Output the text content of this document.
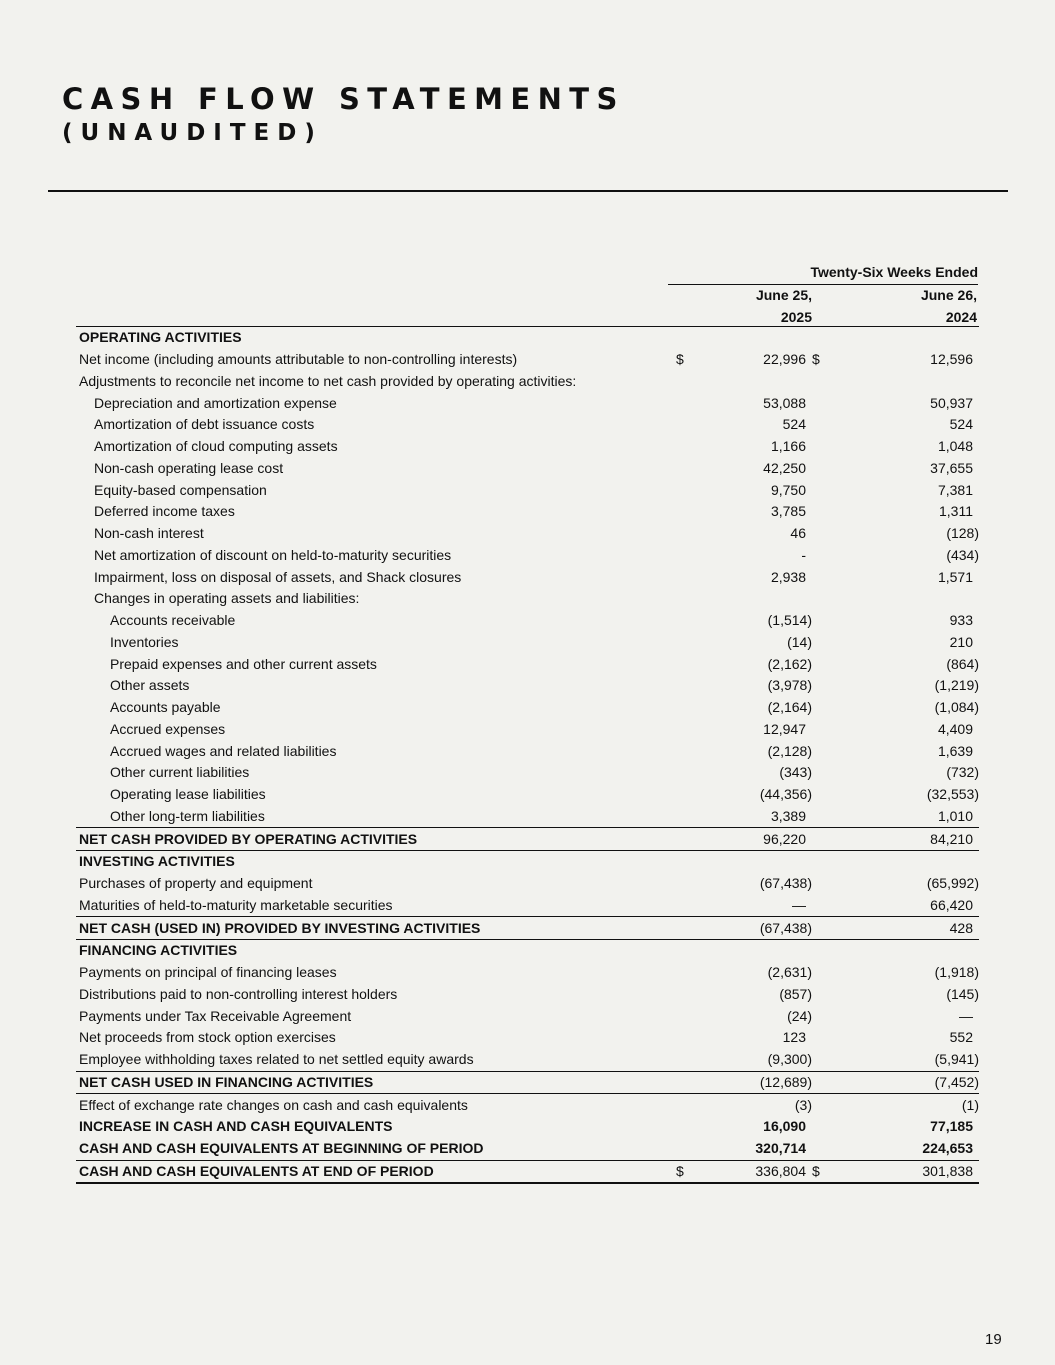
CASH FLOW STATEMENTS
(UNAUDITED)
Twenty-Six Weeks Ended
June 25,
2025
June 26,
2024
OPERATING ACTIVITIES				
Net income (including amounts attributable to non-controlling interests)	$	22,996	$	12,596
Adjustments to reconcile net income to net cash provided by operating activities:				
Depreciation and amortization expense		53,088		50,937
Amortization of debt issuance costs		524		524
Amortization of cloud computing assets		1,166		1,048
Non-cash operating lease cost		42,250		37,655
Equity-based compensation		9,750		7,381
Deferred income taxes		3,785		1,311
Non-cash interest		46		(128)
Net amortization of discount on held-to-maturity securities		-		(434)
Impairment, loss on disposal of assets, and Shack closures		2,938		1,571
Changes in operating assets and liabilities:				
Accounts receivable		(1,514)		933
Inventories		(14)		210
Prepaid expenses and other current assets		(2,162)		(864)
Other assets		(3,978)		(1,219)
Accounts payable		(2,164)		(1,084)
Accrued expenses		12,947		4,409
Accrued wages and related liabilities		(2,128)		1,639
Other current liabilities		(343)		(732)
Operating lease liabilities		(44,356)		(32,553)
Other long-term liabilities		3,389		1,010
NET CASH PROVIDED BY OPERATING ACTIVITIES		96,220		84,210
INVESTING ACTIVITIES				
Purchases of property and equipment		(67,438)		(65,992)
Maturities of held-to-maturity marketable securities		—		66,420
NET CASH (USED IN) PROVIDED BY INVESTING ACTIVITIES		(67,438)		428
FINANCING ACTIVITIES				
Payments on principal of financing leases		(2,631)		(1,918)
Distributions paid to non-controlling interest holders		(857)		(145)
Payments under Tax Receivable Agreement		(24)		—
Net proceeds from stock option exercises		123		552
Employee withholding taxes related to net settled equity awards		(9,300)		(5,941)
NET CASH USED IN FINANCING ACTIVITIES		(12,689)		(7,452)
Effect of exchange rate changes on cash and cash equivalents		(3)		(1)
INCREASE IN CASH AND CASH EQUIVALENTS		16,090		77,185
CASH AND CASH EQUIVALENTS AT BEGINNING OF PERIOD		320,714		224,653
CASH AND CASH EQUIVALENTS AT END OF PERIOD	$	336,804	$	301,838
19
